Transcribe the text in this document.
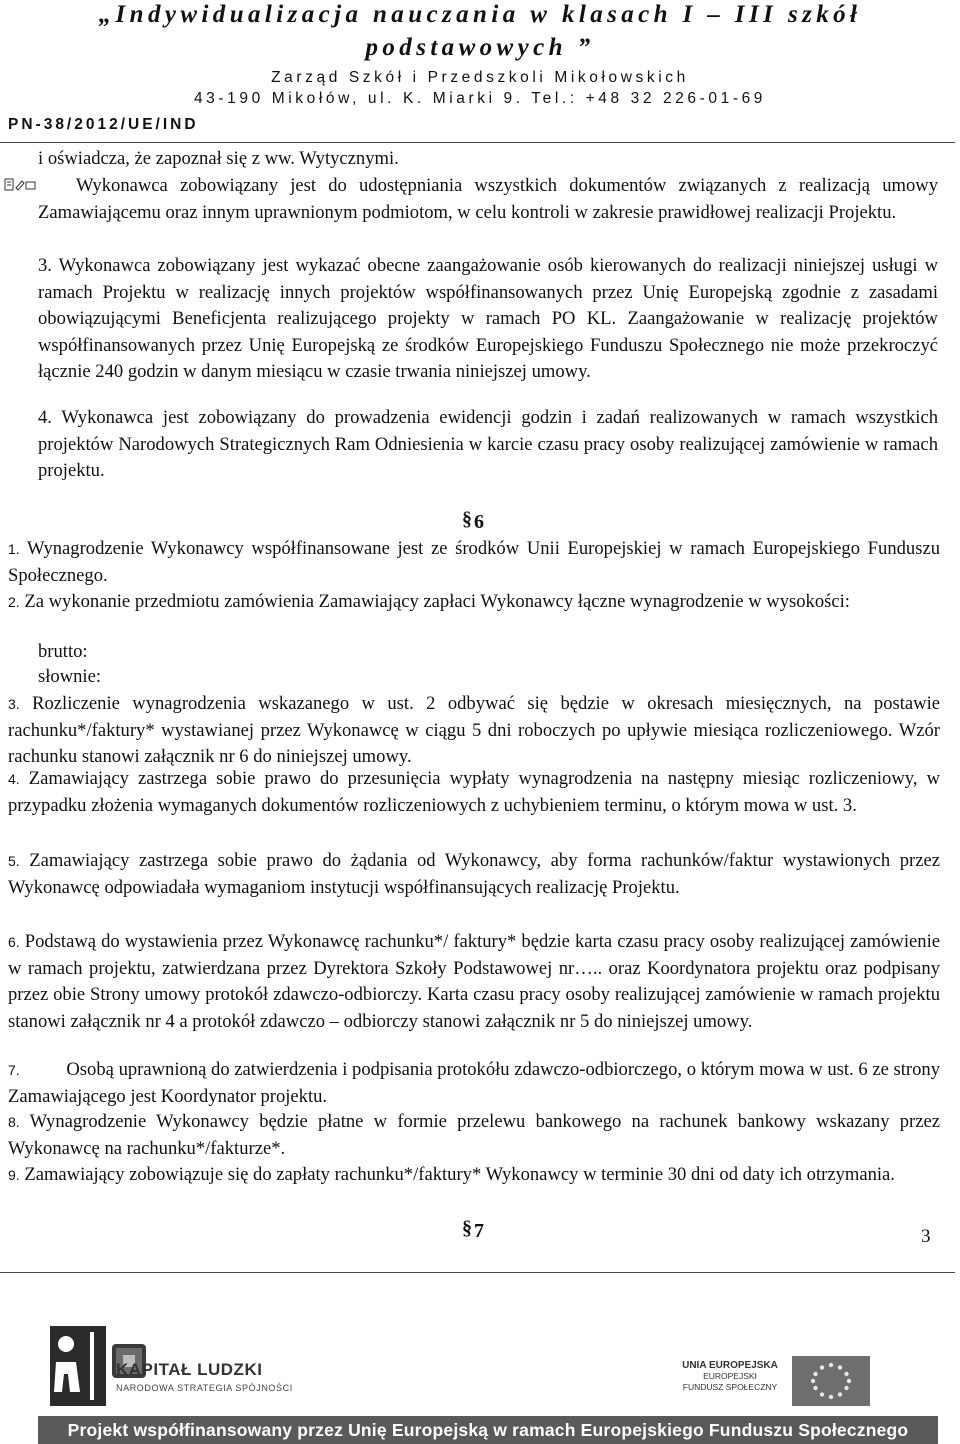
„Indywidualizacja nauczania w klasach I – III szkół
podstawowych ”
Zarząd Szkół i Przedszkoli Mikołowskich
43-190 Mikołów, ul. K. Miarki 9. Tel.: +48 32 226-01-69
PN-38/2012/UE/IND
i oświadcza, że zapoznał się z ww. Wytycznymi.
Wykonawca zobowiązany jest do udostępniania wszystkich dokumentów związanych z realizacją umowy Zamawiającemu oraz innym uprawnionym podmiotom, w celu kontroli w zakresie prawidłowej realizacji Projektu.
3. Wykonawca zobowiązany jest wykazać obecne zaangażowanie osób kierowanych do realizacji niniejszej usługi w ramach Projektu w realizację innych projektów współfinansowanych przez Unię Europejską zgodnie z zasadami obowiązującymi Beneficjenta realizującego projekty w ramach PO KL. Zaangażowanie w realizację projektów współfinansowanych przez Unię Europejską ze środków Europejskiego Funduszu Społecznego nie może przekroczyć łącznie 240 godzin w danym miesiącu w czasie trwania niniejszej umowy.
4. Wykonawca jest zobowiązany do prowadzenia ewidencji godzin i zadań realizowanych w ramach wszystkich projektów Narodowych Strategicznych Ram Odniesienia w karcie czasu pracy osoby realizującej zamówienie w ramach projektu.
§ 6
1. Wynagrodzenie Wykonawcy współfinansowane jest ze środków Unii Europejskiej w ramach Europejskiego Funduszu Społecznego.
2. Za wykonanie przedmiotu zamówienia Zamawiający zapłaci Wykonawcy łączne wynagrodzenie w wysokości:
brutto:
słownie:
3. Rozliczenie wynagrodzenia wskazanego w ust. 2 odbywać się będzie w okresach miesięcznych, na postawie rachunku*/faktury* wystawianej przez Wykonawcę w ciągu 5 dni roboczych po upływie miesiąca rozliczeniowego. Wzór rachunku stanowi załącznik nr 6 do niniejszej umowy.
4. Zamawiający zastrzega sobie prawo do przesunięcia wypłaty wynagrodzenia na następny miesiąc rozliczeniowy, w przypadku złożenia wymaganych dokumentów rozliczeniowych z uchybieniem terminu, o którym mowa w ust. 3.
5. Zamawiający zastrzega sobie prawo do żądania od Wykonawcy, aby forma rachunków/faktur wystawionych przez Wykonawcę odpowiadała wymaganiom instytucji współfinansujących realizację Projektu.
6. Podstawą do wystawienia przez Wykonawcę rachunku*/ faktury* będzie karta czasu pracy osoby realizującej zamówienie w ramach projektu, zatwierdzana przez Dyrektora Szkoły Podstawowej nr….. oraz Koordynatora projektu oraz podpisany przez obie Strony umowy protokół zdawczo-odbiorczy. Karta czasu pracy osoby realizującej zamówienie w ramach projektu stanowi załącznik nr 4 a protokół zdawczo – odbiorczy stanowi załącznik nr 5 do niniejszej umowy.
7.	Osobą uprawnioną do zatwierdzenia i podpisania protokółu zdawczo-odbiorczego, o którym mowa w ust. 6 ze strony Zamawiającego jest Koordynator projektu.
8. Wynagrodzenie Wykonawcy będzie płatne w formie przelewu bankowego na rachunek bankowy wskazany przez Wykonawcę na rachunku*/fakturze*.
9. Zamawiający zobowiązuje się do zapłaty rachunku*/faktury* Wykonawcy w terminie 30 dni od daty ich otrzymania.
§ 7	3
KAPITAŁ LUDZKI
NARODOWA STRATEGIA SPÓJNOŚCI
UNIA EUROPEJSKA
EUROPEJSKI
FUNDUSZ SPOŁECZNY
Projekt współfinansowany przez Unię Europejską w ramach Europejskiego Funduszu Społecznego
